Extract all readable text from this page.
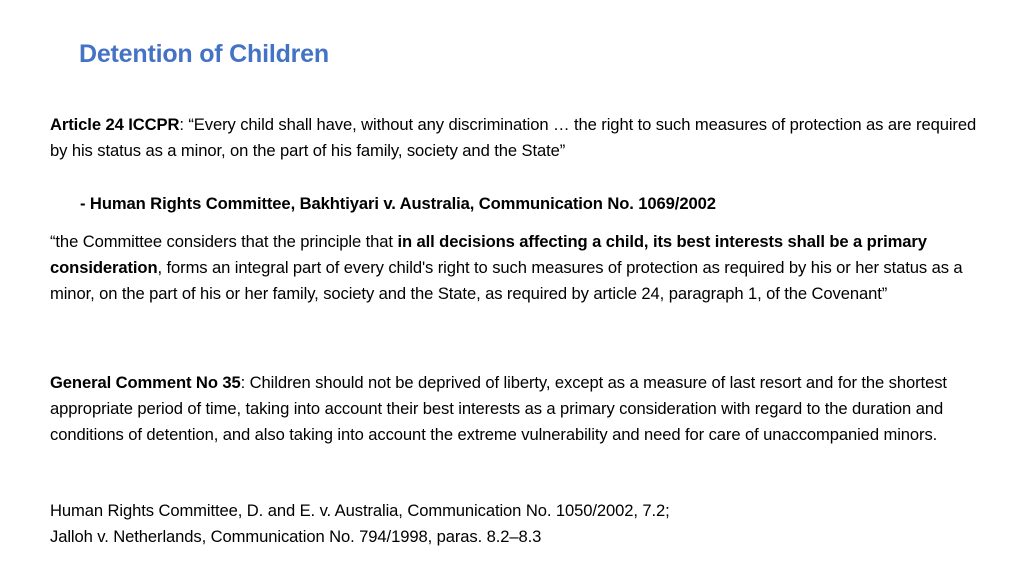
Detention of Children
Article 24 ICCPR: “Every child shall have, without any discrimination … the right to such measures of protection as are required by his status as a minor, on the part of his family, society and the State”
- Human Rights Committee, Bakhtiyari v. Australia, Communication No. 1069/2002
“the Committee considers that the principle that in all decisions affecting a child, its best interests shall be a primary consideration, forms an integral part of every child's right to such measures of protection as required by his or her status as a minor, on the part of his or her family, society and the State, as required by article 24, paragraph 1, of the Covenant”
General Comment No 35: Children should not be deprived of liberty, except as a measure of last resort and for the shortest appropriate period of time, taking into account their best interests as a primary consideration with regard to the duration and conditions of detention, and also taking into account the extreme vulnerability and need for care of unaccompanied minors.
Human Rights Committee, D. and E. v. Australia, Communication No. 1050/2002, 7.2;
Jalloh v. Netherlands, Communication No. 794/1998, paras. 8.2–8.3
